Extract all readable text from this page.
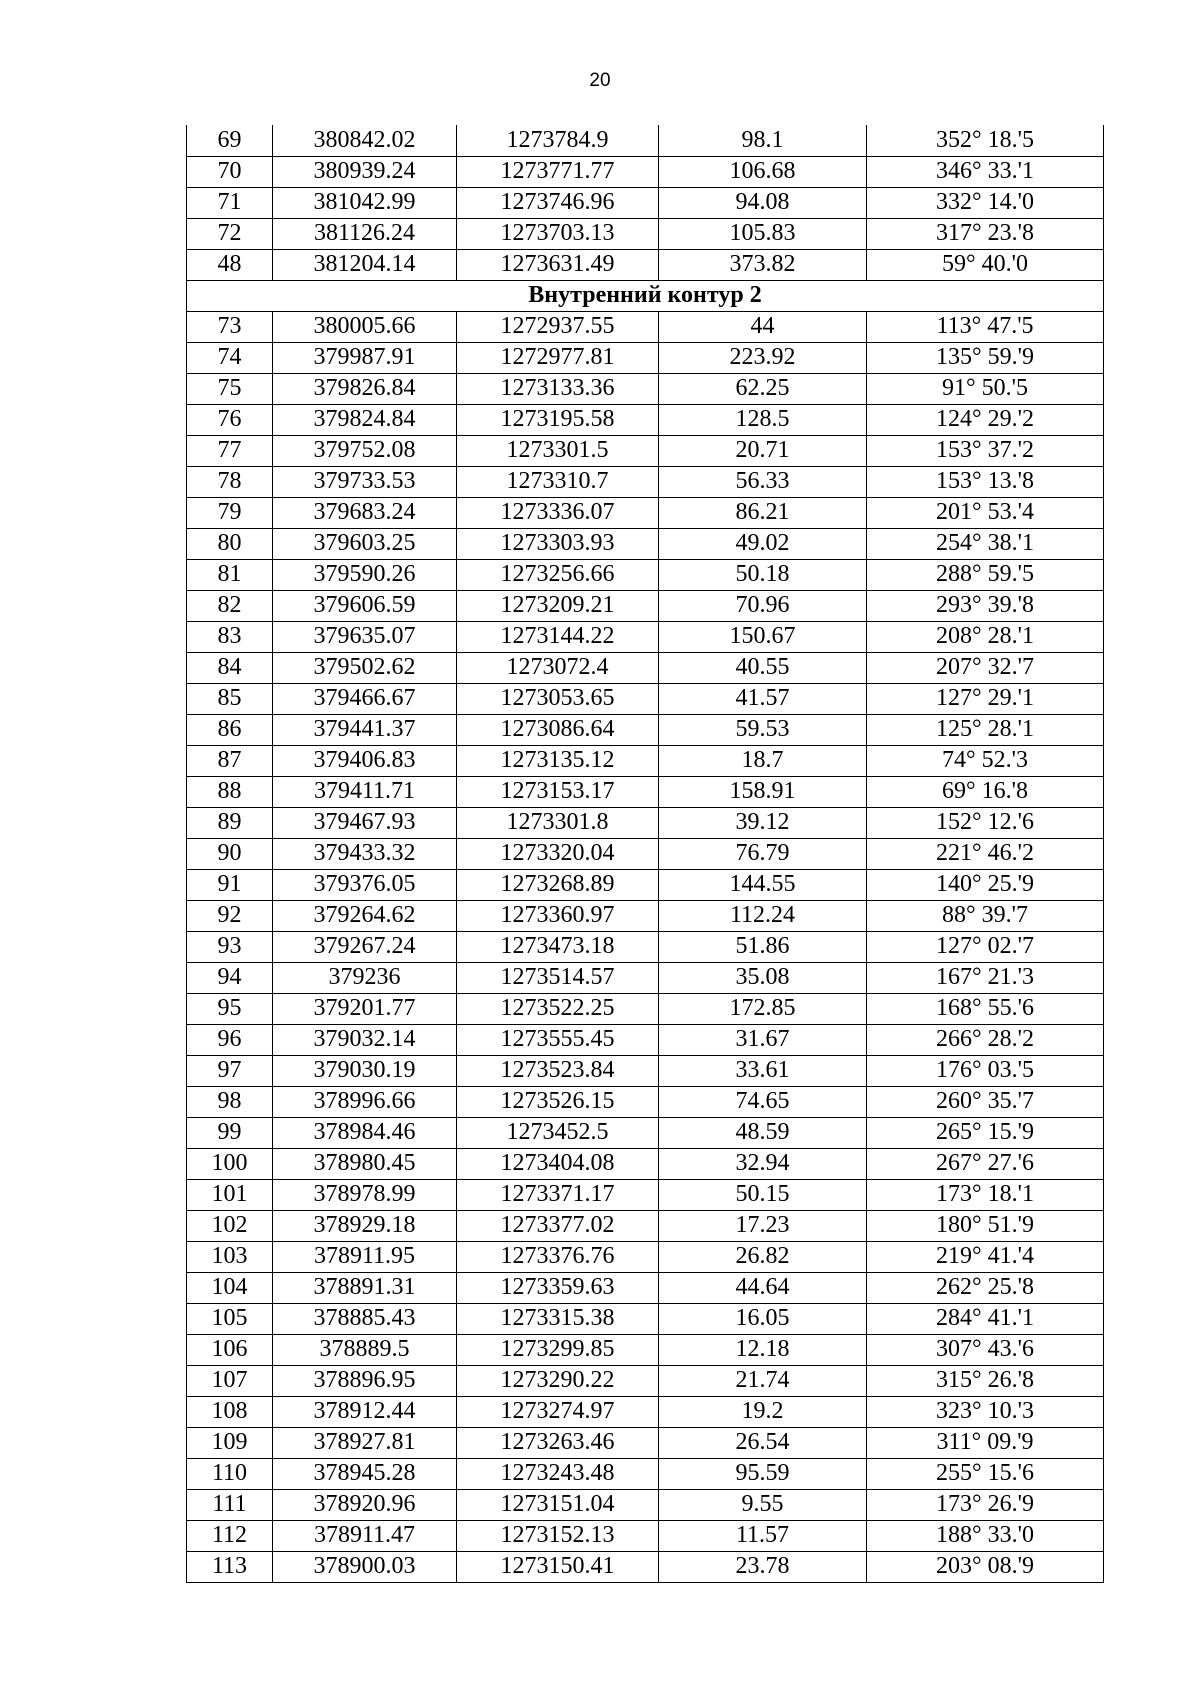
20
69	380842.02	1273784.9	98.1	352° 18.'5
70	380939.24	1273771.77	106.68	346° 33.'1
71	381042.99	1273746.96	94.08	332° 14.'0
72	381126.24	1273703.13	105.83	317° 23.'8
48	381204.14	1273631.49	373.82	59° 40.'0
Внутренний контур 2				
73	380005.66	1272937.55	44	113° 47.'5
74	379987.91	1272977.81	223.92	135° 59.'9
75	379826.84	1273133.36	62.25	91° 50.'5
76	379824.84	1273195.58	128.5	124° 29.'2
77	379752.08	1273301.5	20.71	153° 37.'2
78	379733.53	1273310.7	56.33	153° 13.'8
79	379683.24	1273336.07	86.21	201° 53.'4
80	379603.25	1273303.93	49.02	254° 38.'1
81	379590.26	1273256.66	50.18	288° 59.'5
82	379606.59	1273209.21	70.96	293° 39.'8
83	379635.07	1273144.22	150.67	208° 28.'1
84	379502.62	1273072.4	40.55	207° 32.'7
85	379466.67	1273053.65	41.57	127° 29.'1
86	379441.37	1273086.64	59.53	125° 28.'1
87	379406.83	1273135.12	18.7	74° 52.'3
88	379411.71	1273153.17	158.91	69° 16.'8
89	379467.93	1273301.8	39.12	152° 12.'6
90	379433.32	1273320.04	76.79	221° 46.'2
91	379376.05	1273268.89	144.55	140° 25.'9
92	379264.62	1273360.97	112.24	88° 39.'7
93	379267.24	1273473.18	51.86	127° 02.'7
94	379236	1273514.57	35.08	167° 21.'3
95	379201.77	1273522.25	172.85	168° 55.'6
96	379032.14	1273555.45	31.67	266° 28.'2
97	379030.19	1273523.84	33.61	176° 03.'5
98	378996.66	1273526.15	74.65	260° 35.'7
99	378984.46	1273452.5	48.59	265° 15.'9
100	378980.45	1273404.08	32.94	267° 27.'6
101	378978.99	1273371.17	50.15	173° 18.'1
102	378929.18	1273377.02	17.23	180° 51.'9
103	378911.95	1273376.76	26.82	219° 41.'4
104	378891.31	1273359.63	44.64	262° 25.'8
105	378885.43	1273315.38	16.05	284° 41.'1
106	378889.5	1273299.85	12.18	307° 43.'6
107	378896.95	1273290.22	21.74	315° 26.'8
108	378912.44	1273274.97	19.2	323° 10.'3
109	378927.81	1273263.46	26.54	311° 09.'9
110	378945.28	1273243.48	95.59	255° 15.'6
111	378920.96	1273151.04	9.55	173° 26.'9
112	378911.47	1273152.13	11.57	188° 33.'0
113	378900.03	1273150.41	23.78	203° 08.'9
